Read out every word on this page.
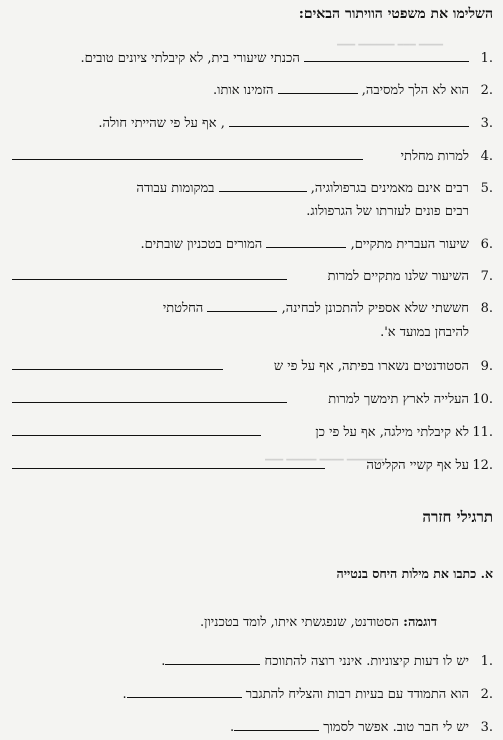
━━━━ ━━━ ━━━━━━ ━━━
━━━━━━ ━━━━ ━━━━━ ━━━
השלימו את משפטי הוויתור הבאים:
1.
הכנתי שיעורי בית, לא קיבלתי ציונים טובים.
2.
הוא לא הלך למסיבה,  הזמינו אותו.
3.
, אף על פי שהייתי חולה.
4.
למרות מחלתי
5.
רבים אינם מאמינים בגרפולוגיה,  במקומות עבודה
רבים פונים לעזרתו של הגרפולוג.
6.
שיעור העברית מתקיים,  המורים בטכניון שובתים.
7.
השיעור שלנו מתקיים למרות
8.
חששתי שלא אספיק להתכונן לבחינה,  החלטתי
להיבחן במועד א'.
9.
הסטודנטים נשארו בפיתה, אף על פי ש
10.
העלייה לארץ תימשך למרות
11.
לא קיבלתי מילגה, אף על פי כן
12.
על אף קשיי הקליטה
תרגילי חזרה
א. כתבו את מילות היחס בנטייה
דוגמה: הסטודנט, שנפגשתי איתו, לומד בטכניון.
1.
יש לו דעות קיצוניות. אינני רוצה להתווכח .
2.
הוא התמודד עם בעיות רבות והצליח להתגבר .
3.
יש לי חבר טוב. אפשר לסמוך .
